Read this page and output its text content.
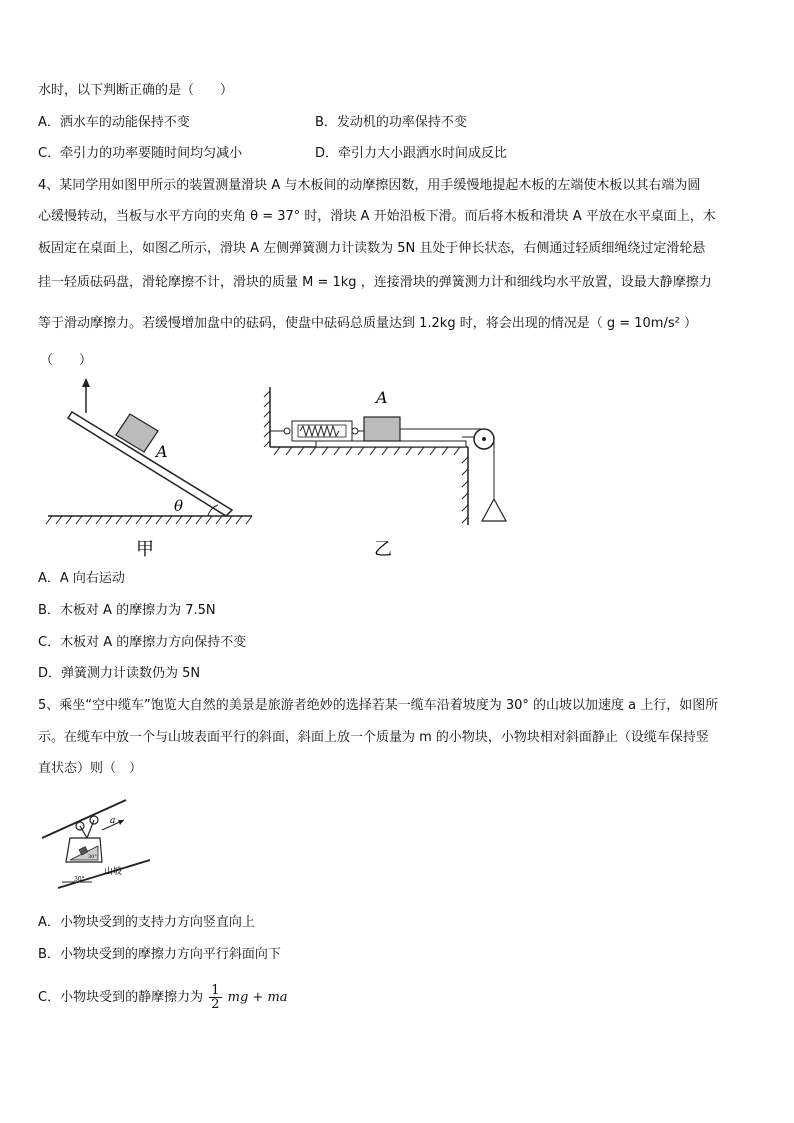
水时，以下判断正确的是（　　）
A．洒水车的动能保持不变	B．发动机的功率保持不变
C．牵引力的功率要随时间均匀减小	D．牵引力大小跟洒水时间成反比
4、某同学用如图甲所示的装置测量滑块 A 与木板间的动摩擦因数，用手缓慢地提起木板的左端使木板以其右端为圆
心缓慢转动，当板与水平方向的夹角 θ = 37° 时，滑块 A 开始沿板下滑。而后将木板和滑块 A 平放在水平桌面上，木
板固定在桌面上，如图乙所示，滑块 A 左侧弹簧测力计读数为 5N 且处于伸长状态，右侧通过轻质细绳绕过定滑轮悬
挂一轻质砝码盘，滑轮摩擦不计，滑块的质量 M = 1kg ，连接滑块的弹簧测力计和细线均水平放置，设最大静摩擦力
等于滑动摩擦力。若缓慢增加盘中的砝码，使盘中砝码总质量达到 1.2kg 时，将会出现的情况是（ g = 10m/s² ）
（　　）
θ
A
甲
A
乙
A．A 向右运动
B．木板对 A 的摩擦力为 7.5N
C．木板对 A 的摩擦力方向保持不变
D．弹簧测力计读数仍为 5N
5、乘坐“空中缆车”饱览大自然的美景是旅游者绝妙的选择若某一缆车沿着坡度为 30° 的山坡以加速度 a 上行，如图所
示。在缆车中放一个与山坡表面平行的斜面，斜面上放一个质量为 m 的小物块，小物块相对斜面静止（设缆车保持竖
直状态）则（　）
30°
山坡
30°
a
A．小物块受到的支持力方向竖直向上
B．小物块受到的摩擦力方向平行斜面向下
C．小物块受到的静摩擦力为 $\frac{1}{2}$ mg + ma
